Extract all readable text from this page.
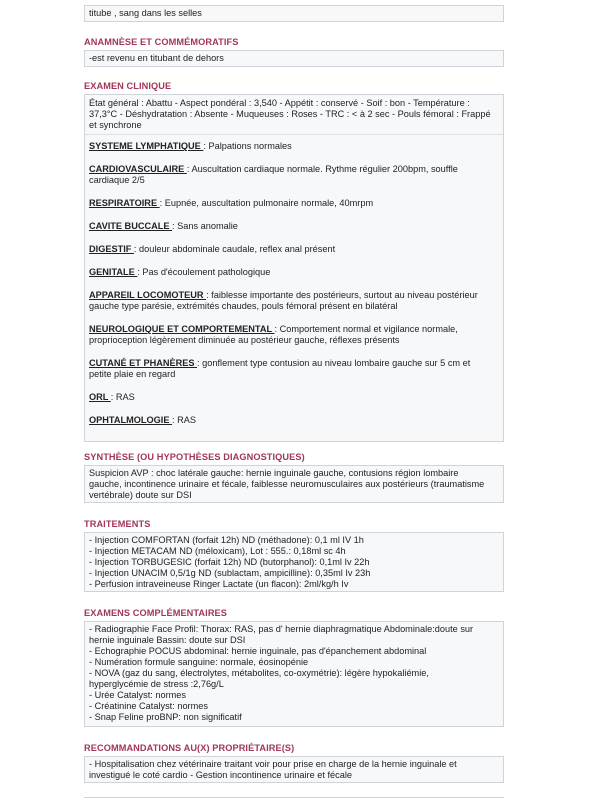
titube , sang dans les selles
ANAMNÈSE ET COMMÉMORATIFS
-est revenu en titubant de dehors
EXAMEN CLINIQUE
État général : Abattu - Aspect pondéral : 3,540 - Appétit : conservé - Soif : bon - Température :
37,3°C - Déshydratation : Absente - Muqueuses : Roses - TRC : < à 2 sec - Pouls fémoral : Frappé
et synchrone
SYSTEME LYMPHATIQUE : Palpations normales
CARDIOVASCULAIRE : Auscultation cardiaque normale. Rythme régulier 200bpm, souffle
cardiaque 2/5
RESPIRATOIRE : Eupnée, auscultation pulmonaire normale, 40mrpm
CAVITE BUCCALE : Sans anomalie
DIGESTIF : douleur abdominale caudale, reflex anal présent
GENITALE : Pas d'écoulement pathologique
APPAREIL LOCOMOTEUR : faiblesse importante des postérieurs, surtout au niveau postérieur
gauche type parésie, extrémités chaudes, pouls fémoral présent en bilatéral
NEUROLOGIQUE ET COMPORTEMENTAL : Comportement normal et vigilance normale,
proprioception légèrement diminuée au postérieur gauche, réflexes présents
CUTANÉ ET PHANÈRES : gonflement type contusion au niveau lombaire gauche sur 5 cm et
petite plaie en regard
ORL : RAS
OPHTALMOLOGIE : RAS
SYNTHÈSE (OU HYPOTHÈSES DIAGNOSTIQUES)
Suspicion AVP : choc latérale gauche: hernie inguinale gauche, contusions région lombaire
gauche, incontinence urinaire et fécale, faiblesse neuromusculaires aux postérieurs (traumatisme
vertébrale) doute sur DSI
TRAITEMENTS
- Injection COMFORTAN (forfait 12h) ND (méthadone): 0,1 ml IV 1h
- Injection METACAM ND (méloxicam), Lot : 555.: 0,18ml sc 4h
- Injection TORBUGESIC (forfait 12h) ND (butorphanol): 0,1ml Iv 22h
- Injection UNACIM 0,5/1g ND (sublactam, ampicilline): 0,35ml Iv 23h
- Perfusion intraveineuse Ringer Lactate (un flacon): 2ml/kg/h Iv
EXAMENS COMPLÉMENTAIRES
- Radiographie Face Profil: Thorax: RAS, pas d' hernie diaphragmatique Abdominale:doute sur
hernie inguinale Bassin: doute sur DSI
- Echographie POCUS abdominal: hernie inguinale, pas d'épanchement abdominal
- Numération formule sanguine: normale, éosinopénie
- NOVA (gaz du sang, électrolytes, métabolites, co-oxymétrie): légère hypokaliémie,
hyperglycémie de stress :2,76g/L
- Urée Catalyst: normes
- Créatinine Catalyst: normes
- Snap Feline proBNP: non significatif
RECOMMANDATIONS AU(X) PROPRIÉTAIRE(S)
- Hospitalisation chez vétérinaire traitant voir pour prise en charge de la hernie inguinale et
investigué le coté cardio - Gestion incontinence urinaire et fécale
